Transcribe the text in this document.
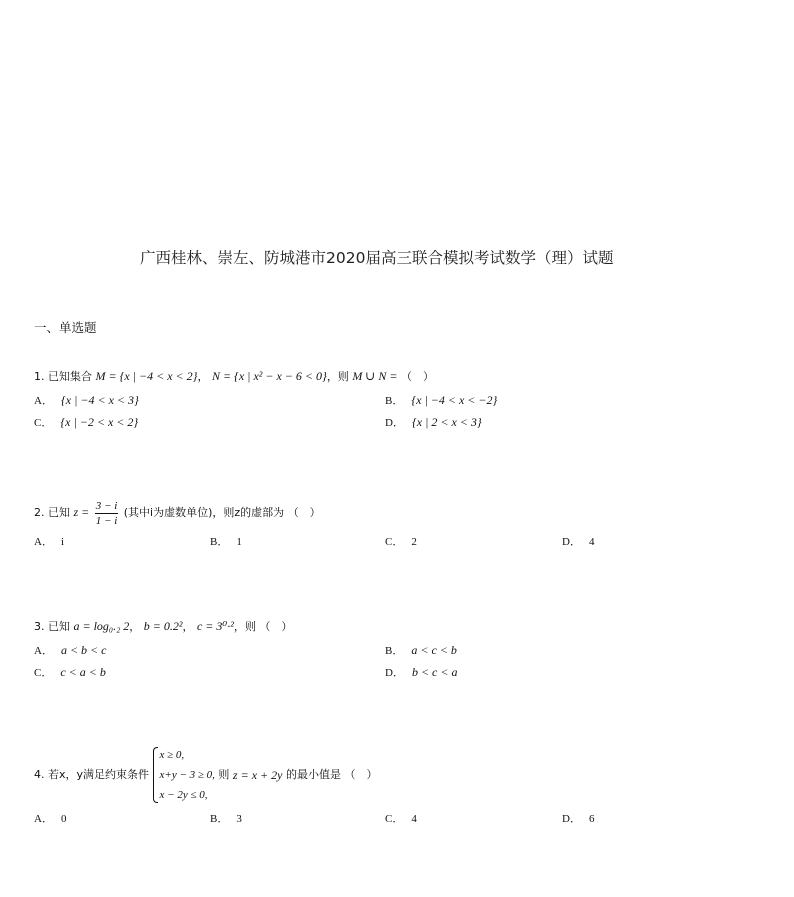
广西桂林、崇左、防城港市2020届高三联合模拟考试数学（理）试题
一、单选题
1. 已知集合 M = {x | −4 < x < 2}， N = {x | x² − x − 6 < 0}，则 M ∪ N = （　）
A． {x | −4 < x < 3}	B． {x | −4 < x < −2}
C． {x | −2 < x < 2}	D． {x | 2 < x < 3}
2. 已知 $z = \frac{3 - i}{1 - i}$ (其中i为虚数单位)，则z的虚部为 （　）
A． i	B． 1	C． 2	D． 4
3. 已知 a = log₀.₂ 2， b = 0.2²， c = 3⁰·²，则 （　）
A． a < b < c	B． a < c < b
C． c < a < b	D． b < c < a
4. 若x，y满足约束条件
x ≥ 0,
x+y − 3 ≥ 0,
x − 2y ≤ 0,
则 z = x + 2y 的最小值是 （　）
A． 0	B． 3	C． 4	D． 6
